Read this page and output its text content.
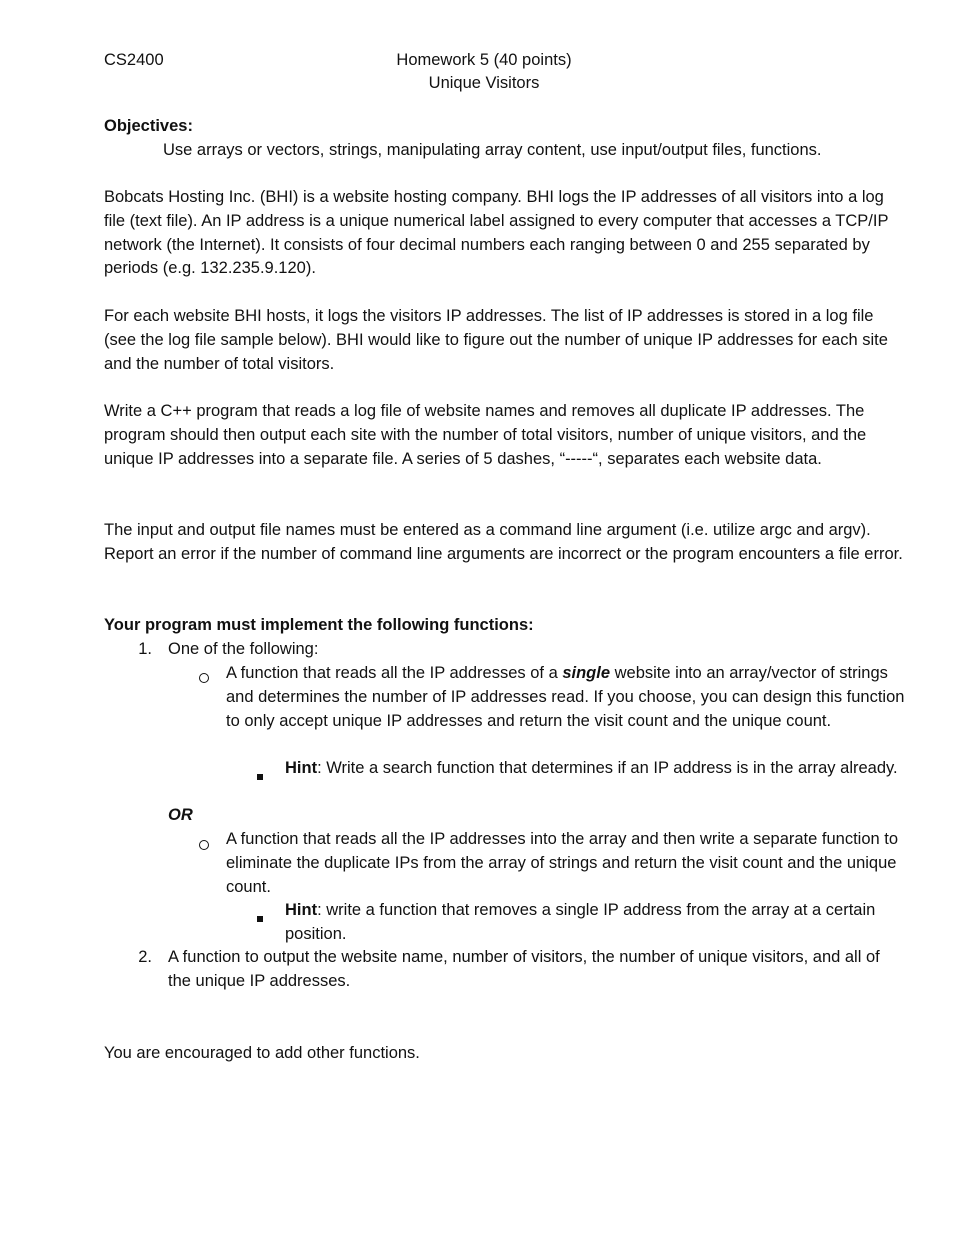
CS2400	Homework 5 (40 points)
Unique Visitors
Objectives:
Use arrays or vectors, strings, manipulating array content, use input/output files, functions.

Bobcats Hosting Inc. (BHI) is a website hosting company. BHI logs the IP addresses of all visitors into a log file (text file). An IP address is a unique numerical label assigned to every computer that accesses a TCP/IP network (the Internet). It consists of four decimal numbers each ranging between 0 and 255 separated by periods (e.g. 132.235.9.120).

For each website BHI hosts, it logs the visitors IP addresses. The list of IP addresses is stored in a log file (see the log file sample below). BHI would like to figure out the number of unique IP addresses for each site and the number of total visitors.

Write a C++ program that reads a log file of website names and removes all duplicate IP addresses. The program should then output each site with the number of total visitors, number of unique visitors, and the unique IP addresses into a separate file. A series of 5 dashes, “-----“, separates each website data.

The input and output file names must be entered as a command line argument (i.e. utilize argc and argv). Report an error if the number of command line arguments are incorrect or the program encounters a file error.

Your program must implement the following functions:
1. One of the following:
A function that reads all the IP addresses of a single website into an array/vector of strings and determines the number of IP addresses read. If you choose, you can design this function to only accept unique IP addresses and return the visit count and the unique count.
Hint: Write a search function that determines if an IP address is in the array already.
OR
A function that reads all the IP addresses into the array and then write a separate function to eliminate the duplicate IPs from the array of strings and return the visit count and the unique count.
Hint: write a function that removes a single IP address from the array at a certain position.
2. A function to output the website name, number of visitors, the number of unique visitors, and all of the unique IP addresses.
You are encouraged to add other functions.
